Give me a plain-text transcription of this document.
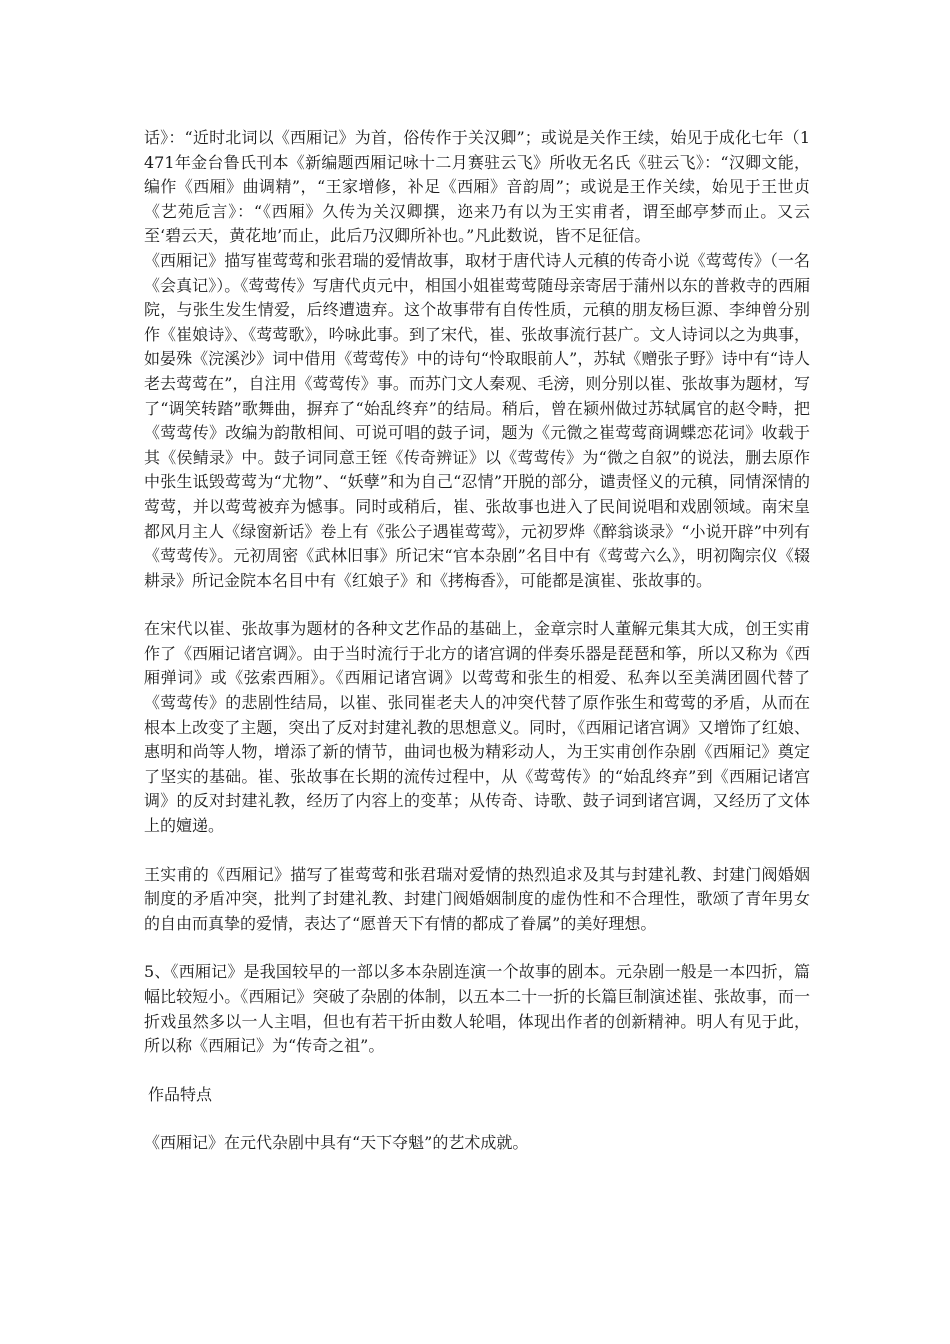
话》：“近时北词以《西厢记》为首，俗传作于关汉卿”；或说是关作王续，始见于成化七年（1471年金台鲁氏刊本《新编题西厢记咏十二月赛驻云飞》所收无名氏《驻云飞》：“汉卿文能，编作《西厢》曲调精”，“王家增修，补足《西厢》音韵周”；或说是王作关续，始见于王世贞《艺苑卮言》：“《西厢》久传为关汉卿撰，迩来乃有以为王实甫者，谓至邮亭梦而止。又云至‘碧云天，黄花地’而止，此后乃汉卿所补也。”凡此数说，皆不足征信。

《西厢记》描写崔莺莺和张君瑞的爱情故事，取材于唐代诗人元稹的传奇小说《莺莺传》（一名《会真记》）。《莺莺传》写唐代贞元中，相国小姐崔莺莺随母亲寄居于蒲州以东的普救寺的西厢院，与张生发生情爱，后终遭遗弃。这个故事带有自传性质，元稹的朋友杨巨源、李绅曾分别作《崔娘诗》、《莺莺歌》，吟咏此事。到了宋代，崔、张故事流行甚广。文人诗词以之为典事，如晏殊《浣溪沙》词中借用《莺莺传》中的诗句“怜取眼前人”，苏轼《赠张子野》诗中有“诗人老去莺莺在”，自注用《莺莺传》事。而苏门文人秦观、毛滂，则分别以崔、张故事为题材，写了“调笑转踏”歌舞曲，摒弃了“始乱终弃”的结局。稍后，曾在颍州做过苏轼属官的赵令畤，把《莺莺传》改编为韵散相间、可说可唱的鼓子词，题为《元微之崔莺莺商调蝶恋花词》收载于其《侯鲭录》中。鼓子词同意王铚《传奇辨证》以《莺莺传》为“微之自叙”的说法，删去原作中张生诋毁莺莺为“尤物”、“妖孽”和为自己“忍情”开脱的部分，谴责怪义的元稹，同情深情的莺莺，并以莺莺被弃为憾事。同时或稍后，崔、张故事也进入了民间说唱和戏剧领域。南宋皇都风月主人《绿窗新话》卷上有《张公子遇崔莺莺》，元初罗烨《醉翁谈录》“小说开辟”中列有《莺莺传》。元初周密《武林旧事》所记宋“官本杂剧”名目中有《莺莺六么》，明初陶宗仪《辍耕录》所记金院本名目中有《红娘子》和《拷梅香》，可能都是演崔、张故事的。

在宋代以崔、张故事为题材的各种文艺作品的基础上，金章宗时人董解元集其大成，创王实甫作了《西厢记诸宫调》。由于当时流行于北方的诸宫调的伴奏乐器是琵琶和筝，所以又称为《西厢弹词》或《弦索西厢》。《西厢记诸宫调》以莺莺和张生的相爱、私奔以至美满团圆代替了《莺莺传》的悲剧性结局，以崔、张同崔老夫人的冲突代替了原作张生和莺莺的矛盾，从而在根本上改变了主题，突出了反对封建礼教的思想意义。同时，《西厢记诸宫调》又增饰了红娘、惠明和尚等人物，增添了新的情节，曲词也极为精彩动人，为王实甫创作杂剧《西厢记》奠定了坚实的基础。崔、张故事在长期的流传过程中，从《莺莺传》的“始乱终弃”到《西厢记诸宫调》的反对封建礼教，经历了内容上的变革；从传奇、诗歌、鼓子词到诸宫调，又经历了文体上的嬗递。

王实甫的《西厢记》描写了崔莺莺和张君瑞对爱情的热烈追求及其与封建礼教、封建门阀婚姻制度的矛盾冲突，批判了封建礼教、封建门阀婚姻制度的虚伪性和不合理性，歌颂了青年男女的自由而真挚的爱情，表达了“愿普天下有情的都成了眷属”的美好理想。

5、《西厢记》是我国较早的一部以多本杂剧连演一个故事的剧本。元杂剧一般是一本四折，篇幅比较短小。《西厢记》突破了杂剧的体制，以五本二十一折的长篇巨制演述崔、张故事，而一折戏虽然多以一人主唱，但也有若干折由数人轮唱，体现出作者的创新精神。明人有见于此，所以称《西厢记》为“传奇之祖”。

作品特点

《西厢记》在元代杂剧中具有“天下夺魁”的艺术成就。
